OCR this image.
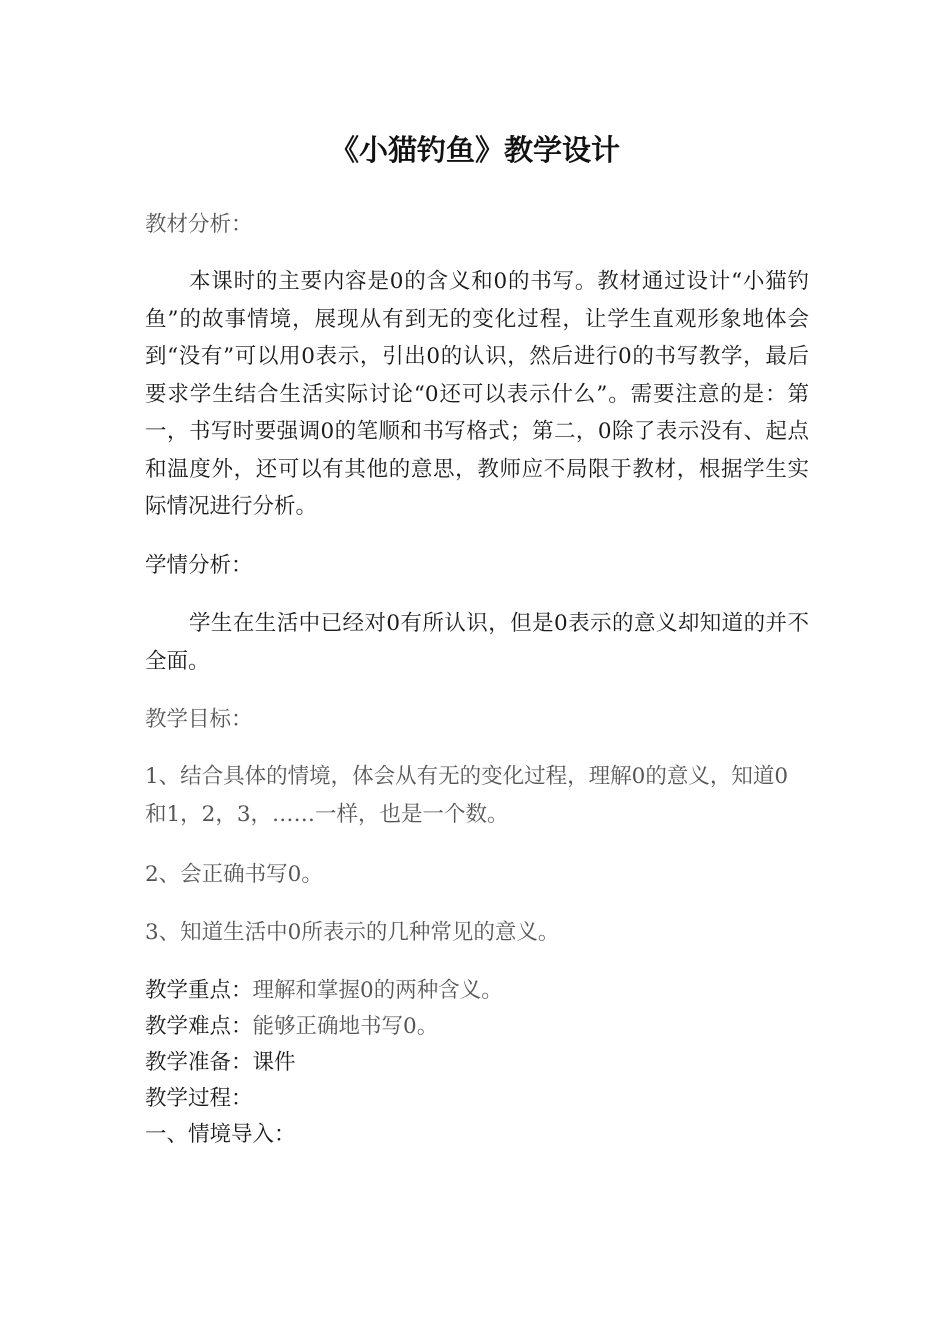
《小猫钓鱼》教学设计

教材分析：

本课时的主要内容是0的含义和0的书写。教材通过设计“小猫钓鱼”的故事情境，展现从有到无的变化过程，让学生直观形象地体会到“没有”可以用0表示，引出0的认识，然后进行0的书写教学，最后要求学生结合生活实际讨论“0还可以表示什么”。需要注意的是：第一，书写时要强调0的笔顺和书写格式；第二，0除了表示没有、起点和温度外，还可以有其他的意思，教师应不局限于教材，根据学生实际情况进行分析。

学情分析：

学生在生活中已经对0有所认识，但是0表示的意义却知道的并不全面。

教学目标：

1、结合具体的情境，体会从有无的变化过程，理解0的意义，知道0和1，2，3，……一样，也是一个数。

2、会正确书写0。

3、知道生活中0所表示的几种常见的意义。

教学重点：理解和掌握0的两种含义。

教学难点：能够正确地书写0。

教学准备：课件

教学过程：

一、情境导入：
